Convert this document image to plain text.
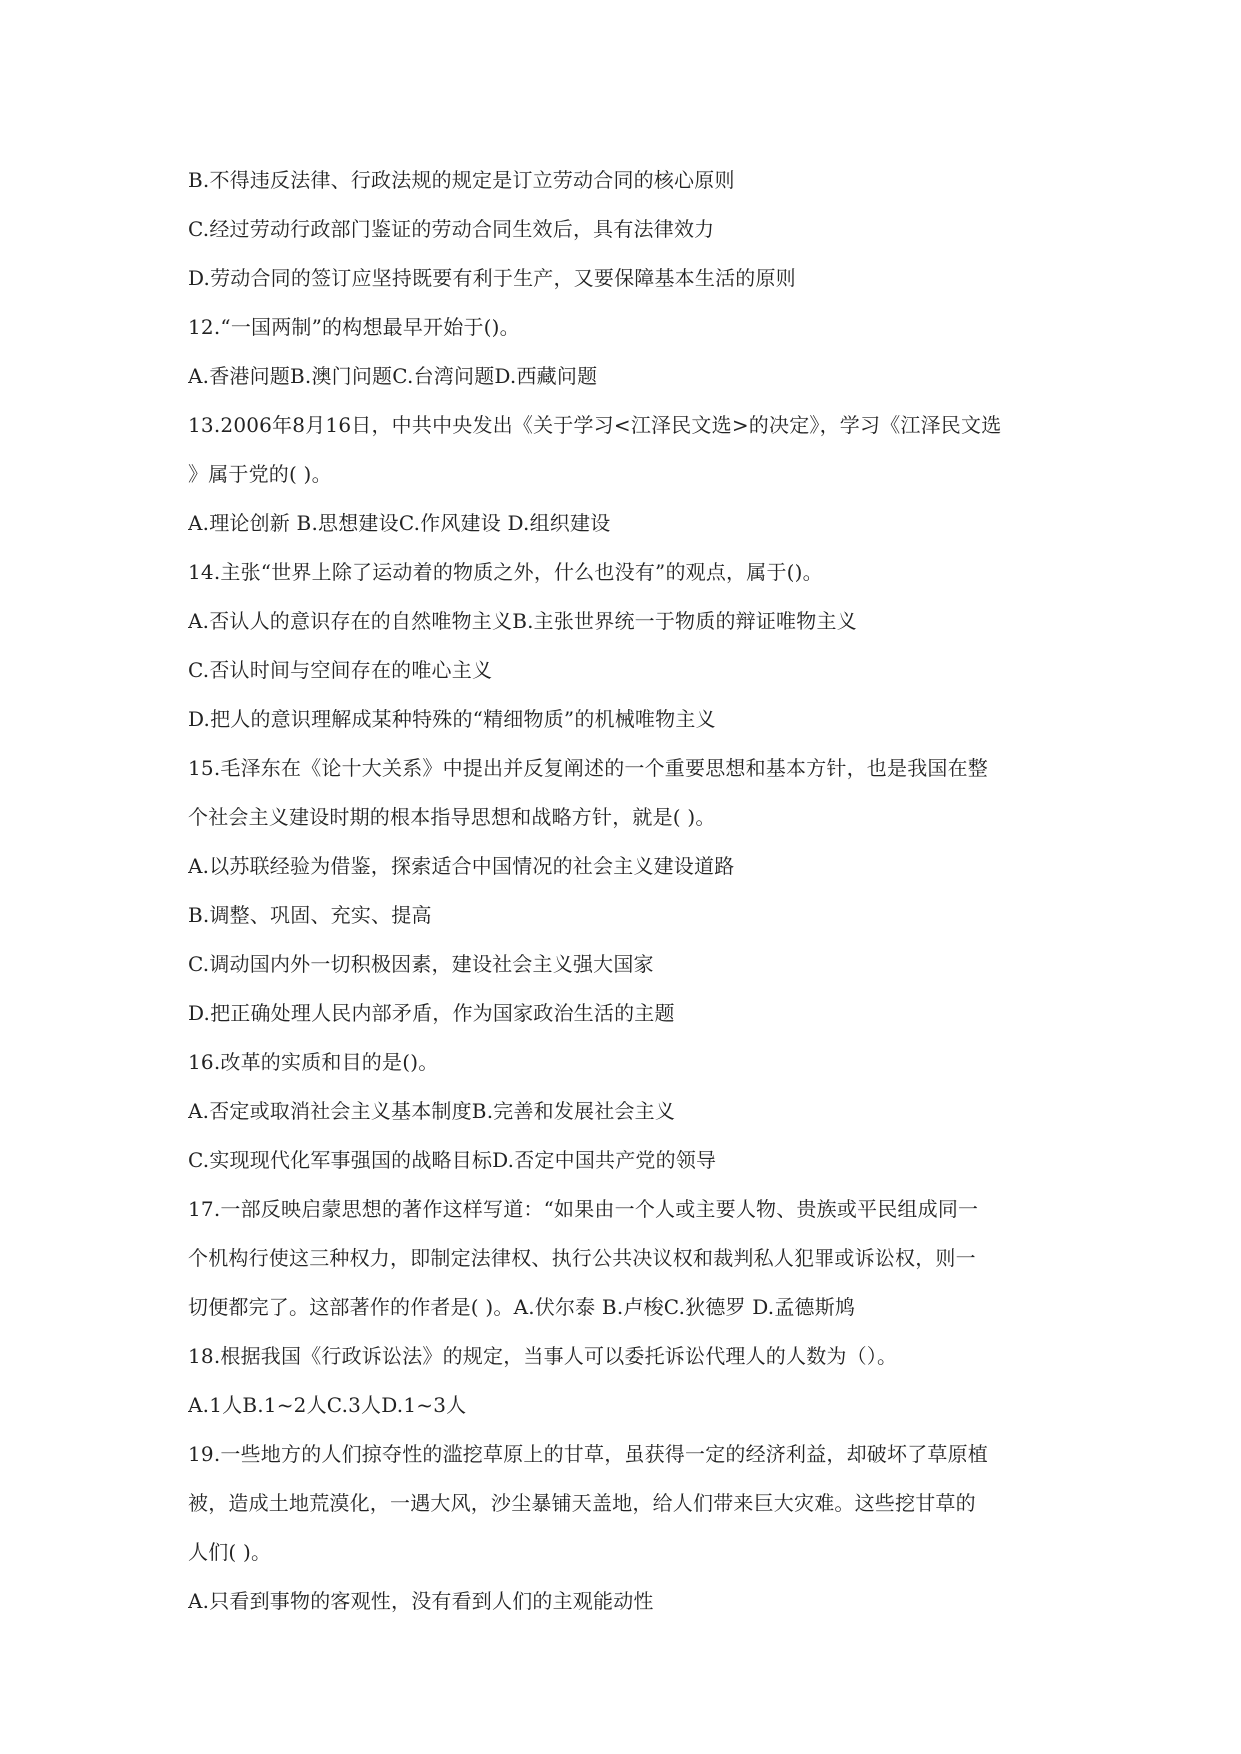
B.不得违反法律、行政法规的规定是订立劳动合同的核心原则
C.经过劳动行政部门鉴证的劳动合同生效后，具有法律效力
D.劳动合同的签订应坚持既要有利于生产，又要保障基本生活的原则
12.“一国两制”的构想最早开始于()。
A.香港问题B.澳门问题C.台湾问题D.西藏问题
13.2006年8月16日，中共中央发出《关于学习<江泽民文选>的决定》，学习《江泽民文选
》属于党的( )。
A.理论创新 B.思想建设C.作风建设 D.组织建设
14.主张“世界上除了运动着的物质之外，什么也没有”的观点，属于()。
A.否认人的意识存在的自然唯物主义B.主张世界统一于物质的辩证唯物主义
C.否认时间与空间存在的唯心主义
D.把人的意识理解成某种特殊的“精细物质”的机械唯物主义
15.毛泽东在《论十大关系》中提出并反复阐述的一个重要思想和基本方针，也是我国在整
个社会主义建设时期的根本指导思想和战略方针，就是( )。
A.以苏联经验为借鉴，探索适合中国情况的社会主义建设道路
B.调整、巩固、充实、提高
C.调动国内外一切积极因素，建设社会主义强大国家
D.把正确处理人民内部矛盾，作为国家政治生活的主题
16.改革的实质和目的是()。
A.否定或取消社会主义基本制度B.完善和发展社会主义
C.实现现代化军事强国的战略目标D.否定中国共产党的领导
17.一部反映启蒙思想的著作这样写道：“如果由一个人或主要人物、贵族或平民组成同一
个机构行使这三种权力，即制定法律权、执行公共决议权和裁判私人犯罪或诉讼权，则一
切便都完了。这部著作的作者是( )。A.伏尔泰 B.卢梭C.狄德罗 D.孟德斯鸠
18.根据我国《行政诉讼法》的规定，当事人可以委托诉讼代理人的人数为（）。
A.1人B.1~2人C.3人D.1~3人
19.一些地方的人们掠夺性的滥挖草原上的甘草，虽获得一定的经济利益，却破坏了草原植
被，造成土地荒漠化，一遇大风，沙尘暴铺天盖地，给人们带来巨大灾难。这些挖甘草的
人们( )。
A.只看到事物的客观性，没有看到人们的主观能动性
